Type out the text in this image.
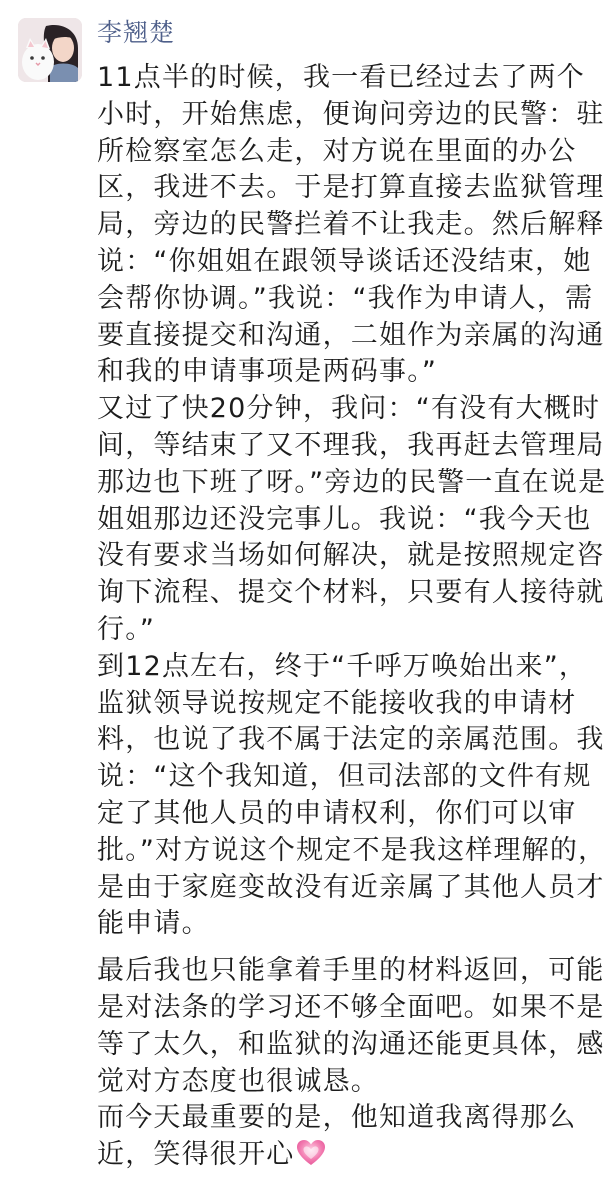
李翘楚

11点半的时候，我一看已经过去了两个小时，开始焦虑，便询问旁边的民警：驻所检察室怎么走，对方说在里面的办公区，我进不去。于是打算直接去监狱管理局，旁边的民警拦着不让我走。然后解释说：“你姐姐在跟领导谈话还没结束，她会帮你协调。”我说：“我作为申请人，需要直接提交和沟通，二姐作为亲属的沟通和我的申请事项是两码事。”

又过了快20分钟，我问：“有没有大概时间，等结束了又不理我，我再赶去管理局那边也下班了呀。”旁边的民警一直在说是姐姐那边还没完事儿。我说：“我今天也没有要求当场如何解决，就是按照规定咨询下流程、提交个材料，只要有人接待就行。”

到12点左右，终于“千呼万唤始出来”，监狱领导说按规定不能接收我的申请材料，也说了我不属于法定的亲属范围。我说：“这个我知道，但司法部的文件有规定了其他人员的申请权利，你们可以审批。”对方说这个规定不是我这样理解的，是由于家庭变故没有近亲属了其他人员才能申请。

最后我也只能拿着手里的材料返回，可能是对法条的学习还不够全面吧。如果不是等了太久，和监狱的沟通还能更具体，感觉对方态度也很诚恳。

而今天最重要的是，他知道我离得那么近，笑得很开心
